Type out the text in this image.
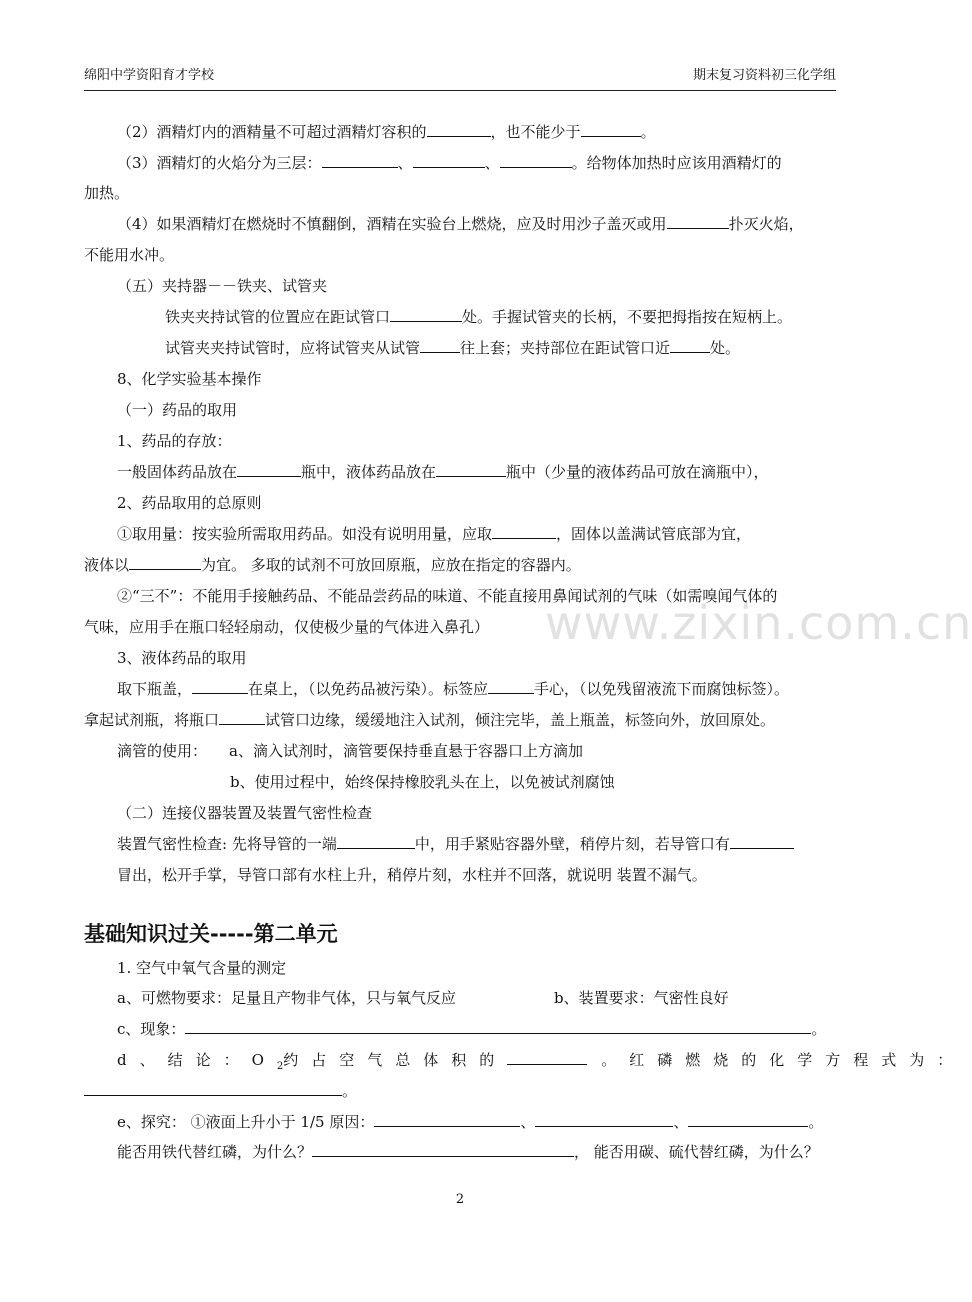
绵阳中学资阳育才学校	期末复习资料初三化学组
www.zixin.com.cn
（2）酒精灯内的酒精量不可超过酒精灯容积的	，也不能少于	。
（3）酒精灯的火焰分为三层：	、	、	。给物体加热时应该用酒精灯的
加热。
（4）如果酒精灯在燃烧时不慎翻倒，酒精在实验台上燃烧，应及时用沙子盖灭或用	扑灭火焰，
不能用水冲。
（五）夹持器－－铁夹、试管夹
铁夹夹持试管的位置应在距试管口	处。手握试管夹的长柄，不要把拇指按在短柄上。
试管夹夹持试管时，应将试管夹从试管	往上套；夹持部位在距试管口近	处。
8、化学实验基本操作
（一）药品的取用
1、药品的存放：
一般固体药品放在	瓶中，液体药品放在	瓶中（少量的液体药品可放在滴瓶中），
2、药品取用的总原则
①取用量：按实验所需取用药品。如没有说明用量，应取	，固体以盖满试管底部为宜，
液体以	为宜。 多取的试剂不可放回原瓶，应放在指定的容器内。
②“三不”：不能用手接触药品、不能品尝药品的味道、不能直接用鼻闻试剂的气味（如需嗅闻气体的
气味，应用手在瓶口轻轻扇动，仅使极少量的气体进入鼻孔）
3、液体药品的取用
取下瓶盖，	在桌上，（以免药品被污染）。标签应	手心，（以免残留液流下而腐蚀标签）。
拿起试剂瓶，将瓶口	试管口边缘，缓缓地注入试剂，倾注完毕，盖上瓶盖，标签向外，放回原处。
滴管的使用： a、滴入试剂时，滴管要保持垂直悬于容器口上方滴加
b、使用过程中，始终保持橡胶乳头在上，以免被试剂腐蚀
（二）连接仪器装置及装置气密性检查
装置气密性检查: 先将导管的一端	中，用手紧贴容器外壁，稍停片刻，若导管口有
冒出，松开手掌，导管口部有水柱上升，稍停片刻，水柱并不回落，就说明 装置不漏气。
基础知识过关-----第二单元
1. 空气中氧气含量的测定
a、可燃物要求：足量且产物非气体，只与氧气反应	b、装置要求：气密性良好
c、现象：	。
d、结论：$O_2$约占空气总体积的	。红磷燃烧的化学方程式为：
。
e、探究： ①液面上升小于 1/5 原因：	、	、	。
能否用铁代替红磷，为什么？	， 能否用碳、硫代替红磷，为什么？
2
